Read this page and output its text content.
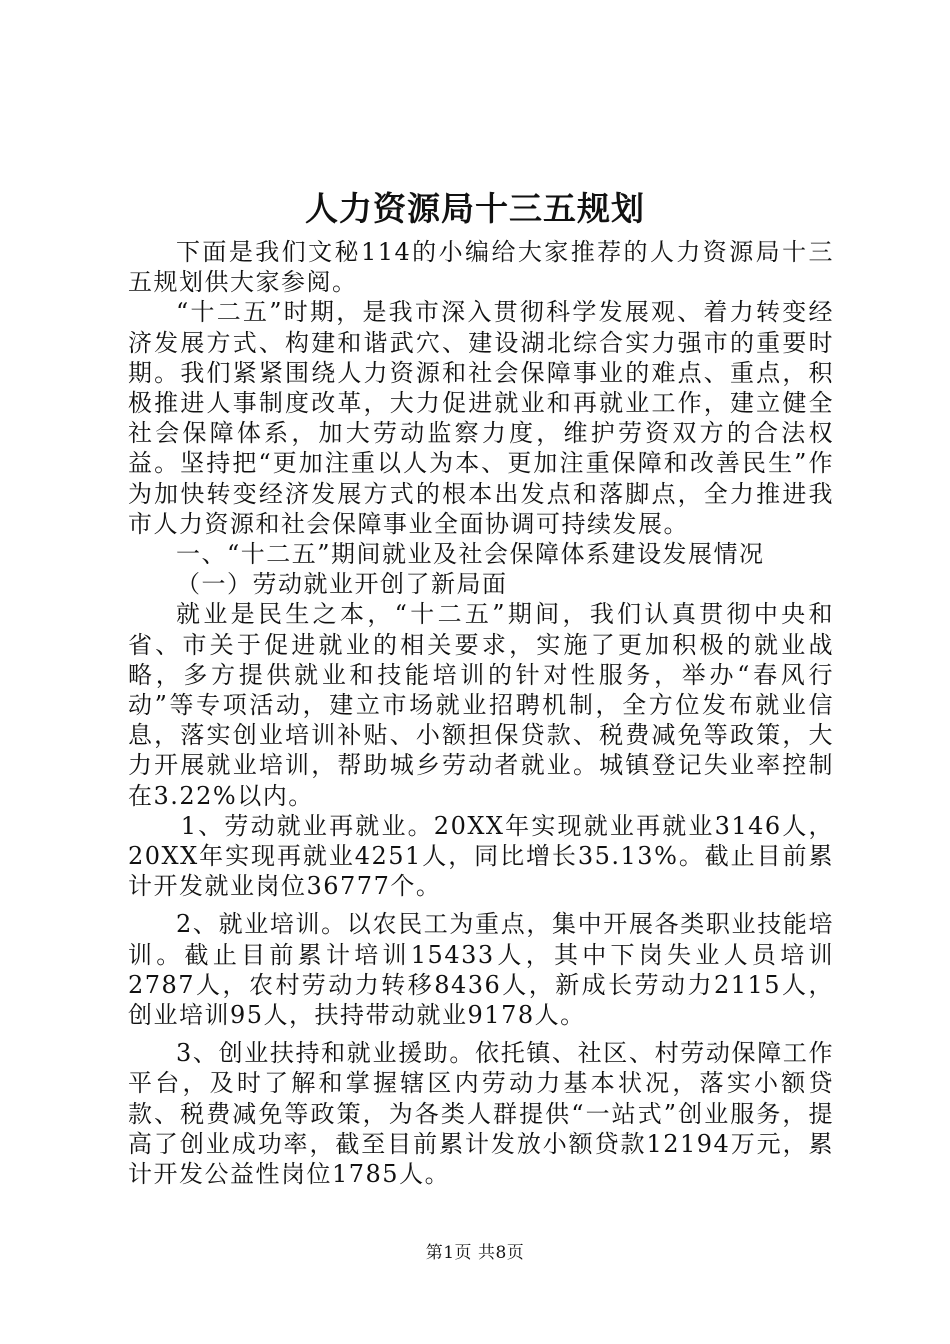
人力资源局十三五规划

下面是我们文秘114的小编给大家推荐的人力资源局十三五规划供大家参阅。

“十二五”时期，是我市深入贯彻科学发展观、着力转变经济发展方式、构建和谐武穴、建设湖北综合实力强市的重要时期。我们紧紧围绕人力资源和社会保障事业的难点、重点，积极推进人事制度改革，大力促进就业和再就业工作，建立健全社会保障体系，加大劳动监察力度，维护劳资双方的合法权益。坚持把“更加注重以人为本、更加注重保障和改善民生”作为加快转变经济发展方式的根本出发点和落脚点，全力推进我市人力资源和社会保障事业全面协调可持续发展。

一、“十二五”期间就业及社会保障体系建设发展情况

（一）劳动就业开创了新局面

就业是民生之本，“十二五”期间，我们认真贯彻中央和省、市关于促进就业的相关要求，实施了更加积极的就业战略，多方提供就业和技能培训的针对性服务，举办“春风行动”等专项活动，建立市场就业招聘机制，全方位发布就业信息，落实创业培训补贴、小额担保贷款、税费减免等政策，大力开展就业培训，帮助城乡劳动者就业。城镇登记失业率控制在3.22%以内。

1、劳动就业再就业。20XX年实现就业再就业3146人，20XX年实现再就业4251人，同比增长35.13%。截止目前累计开发就业岗位36777个。

2、就业培训。以农民工为重点，集中开展各类职业技能培训。截止目前累计培训15433人，其中下岗失业人员培训2787人，农村劳动力转移8436人，新成长劳动力2115人，创业培训95人，扶持带动就业9178人。

3、创业扶持和就业援助。依托镇、社区、村劳动保障工作平台，及时了解和掌握辖区内劳动力基本状况，落实小额贷款、税费减免等政策，为各类人群提供“一站式”创业服务，提高了创业成功率，截至目前累计发放小额贷款12194万元，累计开发公益性岗位1785人。

第1页 共8页
